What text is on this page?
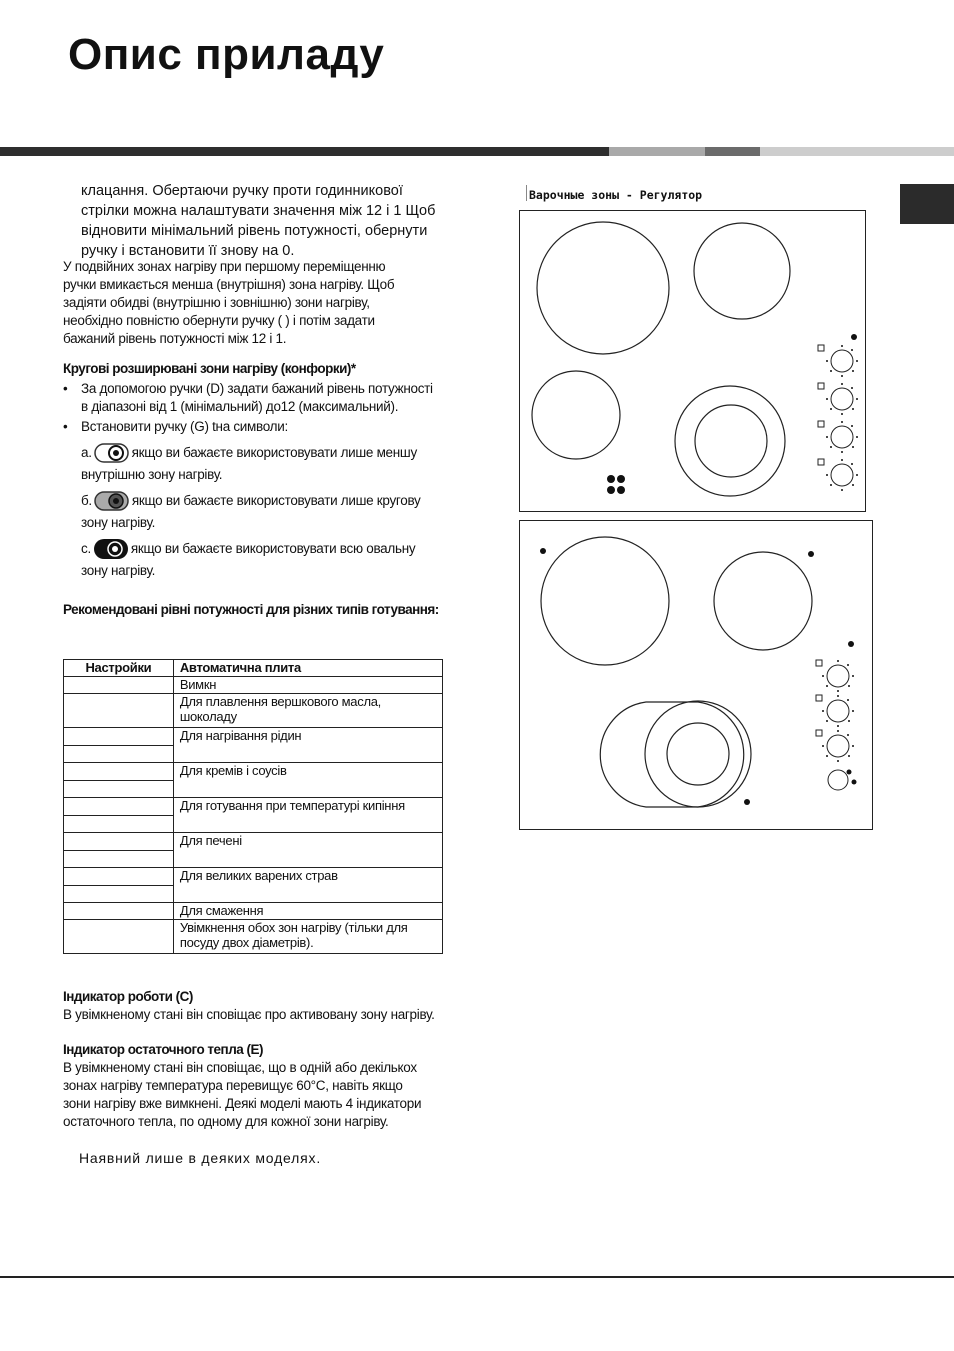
Опис приладу
клацання. Обертаючи ручку проти годинникової
стрілки можна налаштувати значення між 12 і 1 Щоб
відновити мінімальний рівень потужності, обернути
ручку і встановити її знову на 0.
У подвійних зонах нагріву при першому переміщенню
ручки вмикається менша (внутрішня) зона нагріву. Щоб
задіяти обидві (внутрішню і зовнішню) зони нагріву,
необхідно повністю обернути ручку ( ) і потім задати
бажаний рівень потужності між 12 і 1.
Кругові розширювані зони нагріву (конфорки)*
• За допомогою ручки (D) задати бажаний рівень потужності
в діапазоні від 1 (мінімальний) до12 (максимальний).
• Встановити ручку (G) tна символи:
а.	якщо ви бажаєте використовувати лише меншу
внутрішню зону нагріву.
б.	якщо ви бажаєте використовувати лише кругову
зону нагріву.
с.	якщо ви бажаєте використовувати всю овальну
зону нагріву.
Рекомендовані рівні потужності для різних типів готування:
Настройки	Автоматична плита
	Вимкн
	Для плавлення вершкового масла, шоколаду

	Для нагрівання рідин

	Для кремів і соусів

	Для готування при температурі кипіння

	Для печені

	Для великих варених страв
	Для смаження
	Увімкнення обох зон нагріву (тільки для посуду двох діаметрів).
Індикатор роботи (C)
В увімкненому стані він сповіщає про активовану зону нагріву.
Індикатор остаточного тепла (E)
В увімкненому стані він сповіщає, що в одній або декількох
зонах нагріву температура перевищує 60°C, навіть якщо
зони нагріву вже вимкнені. Деякі моделі мають 4 індикатори
остаточного тепла, по одному для кожної зони нагріву.
Наявний лише в деяких моделях.
Варочные зоны - Регулятор
